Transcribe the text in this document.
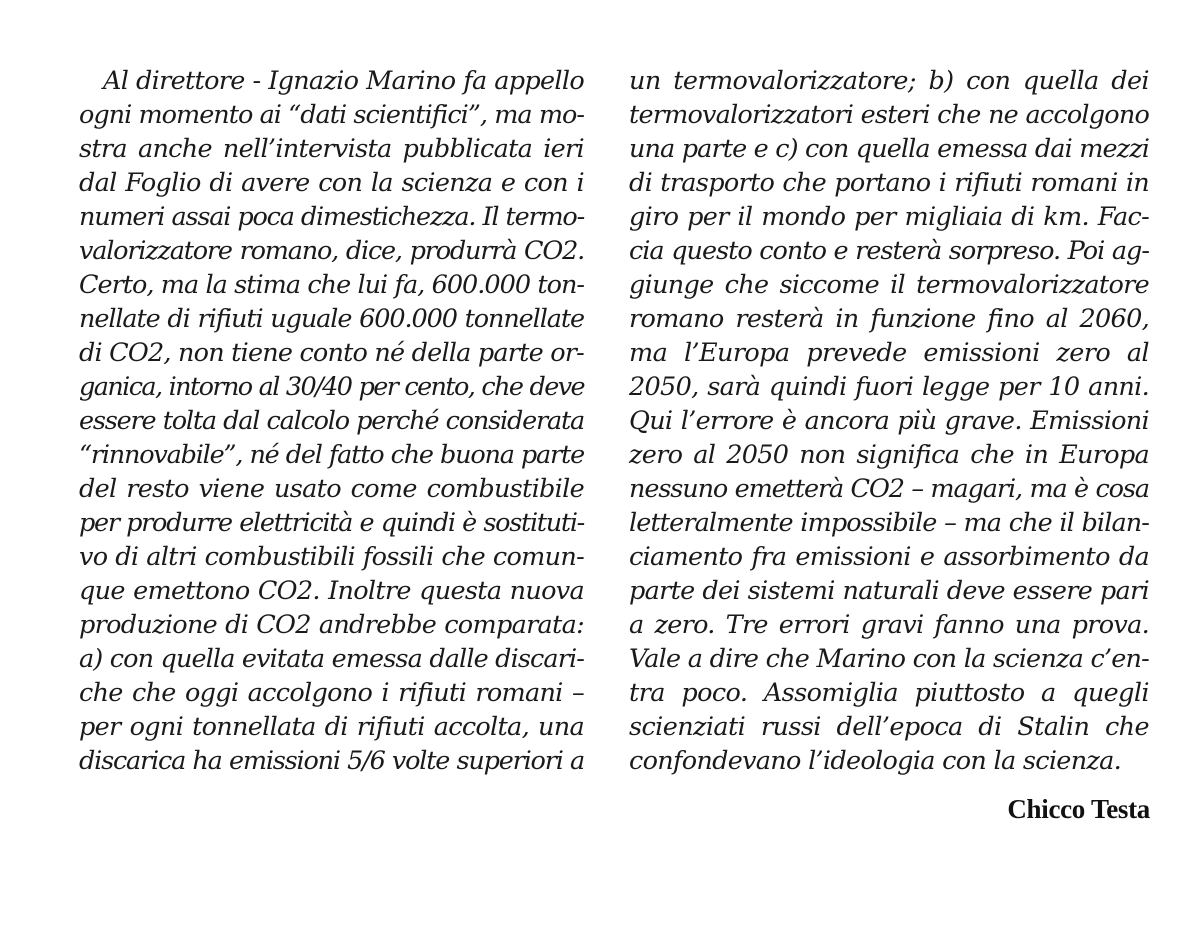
Al direttore - Ignazio Marino fa appello
ogni momento ai “dati scientifici”, ma mo-
stra anche nell’intervista pubblicata ieri
dal Foglio di avere con la scienza e con i
numeri assai poca dimestichezza. Il termo-
valorizzatore romano, dice, produrrà CO2.
Certo, ma la stima che lui fa, 600.000 ton-
nellate di rifiuti uguale 600.000 tonnellate
di CO2, non tiene conto né della parte or-
ganica, intorno al 30/40 per cento, che deve
essere tolta dal calcolo perché considerata
“rinnovabile”, né del fatto che buona parte
del resto viene usato come combustibile
per produrre elettricità e quindi è sostituti-
vo di altri combustibili fossili che comun-
que emettono CO2. Inoltre questa nuova
produzione di CO2 andrebbe comparata:
a) con quella evitata emessa dalle discari-
che che oggi accolgono i rifiuti romani –
per ogni tonnellata di rifiuti accolta, una
discarica ha emissioni 5/6 volte superiori a
un termovalorizzatore; b) con quella dei
termovalorizzatori esteri che ne accolgono
una parte e c) con quella emessa dai mezzi
di trasporto che portano i rifiuti romani in
giro per il mondo per migliaia di km. Fac-
cia questo conto e resterà sorpreso. Poi ag-
giunge che siccome il termovalorizzatore
romano resterà in funzione fino al 2060,
ma l’Europa prevede emissioni zero al
2050, sarà quindi fuori legge per 10 anni.
Qui l’errore è ancora più grave. Emissioni
zero al 2050 non significa che in Europa
nessuno emetterà CO2 – magari, ma è cosa
letteralmente impossibile – ma che il bilan-
ciamento fra emissioni e assorbimento da
parte dei sistemi naturali deve essere pari
a zero. Tre errori gravi fanno una prova.
Vale a dire che Marino con la scienza c’en-
tra poco. Assomiglia piuttosto a quegli
scienziati russi dell’epoca di Stalin che
confondevano l’ideologia con la scienza.
Chicco Testa
